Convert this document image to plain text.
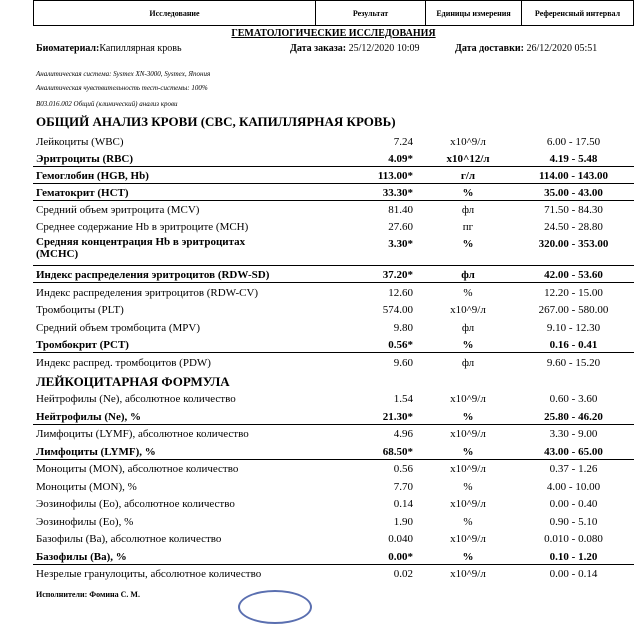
Исследование	Результат	Единицы измерения	Референсный интервал
ГЕМАТОЛОГИЧЕСКИЕ ИССЛЕДОВАНИЯ
Биоматериал:Капиллярная кровь	Дата заказа: 25/12/2020 10:09	Дата доставки: 26/12/2020 05:51
Аналитическая система: Sysmex XN-3000, Sysmex, Япония
Аналитическая чувствительность тест-системы: 100%
B03.016.002 Общий (клинический) анализ крови
ОБЩИЙ АНАЛИЗ КРОВИ (CBC, КАПИЛЛЯРНАЯ КРОВЬ)
Лейкоциты (WBC)	7.24	x10^9/л	6.00 - 17.50
Эритроциты (RBC)	4.09*	x10^12/л	4.19 - 5.48
Гемоглобин (HGB, Hb)	113.00*	г/л	114.00 - 143.00
Гематокрит (HCT)	33.30*	%	35.00 - 43.00
Средний объем эритроцита (MCV)	81.40	фл	71.50 - 84.30
Среднее содержание Hb в эритроците (MCH)	27.60	пг	24.50 - 28.80
Средняя концентрация Hb в эритроцитах
(MCHC)
3.30*	%	320.00 - 353.00
Индекс распределения эритроцитов (RDW-SD)	37.20*	фл	42.00 - 53.60
Индекс распределения эритроцитов (RDW-CV)	12.60	%	12.20 - 15.00
Тромбоциты (PLT)	574.00	x10^9/л	267.00 - 580.00
Средний объем тромбоцита (MPV)	9.80	фл	9.10 - 12.30
Тромбокрит (PCT)	0.56*	%	0.16 - 0.41
Индекс распред. тромбоцитов (PDW)	9.60	фл	9.60 - 15.20
ЛЕЙКОЦИТАРНАЯ ФОРМУЛА
Нейтрофилы (Ne), абсолютное количество	1.54	x10^9/л	0.60 - 3.60
Нейтрофилы (Ne), %	21.30*	%	25.80 - 46.20
Лимфоциты (LYMF), абсолютное количество	4.96	x10^9/л	3.30 - 9.00
Лимфоциты (LYMF), %	68.50*	%	43.00 - 65.00
Моноциты (MON), абсолютное количество	0.56	x10^9/л	0.37 - 1.26
Моноциты (MON), %	7.70	%	4.00 - 10.00
Эозинофилы (Eo), абсолютное количество	0.14	x10^9/л	0.00 - 0.40
Эозинофилы (Eo), %	1.90	%	0.90 - 5.10
Базофилы (Ba), абсолютное количество	0.040	x10^9/л	0.010 - 0.080
Базофилы (Ba), %	0.00*	%	0.10 - 1.20
Незрелые гранулоциты, абсолютное количество	0.02	x10^9/л	0.00 - 0.14
Исполнители: Фомина С. М.
